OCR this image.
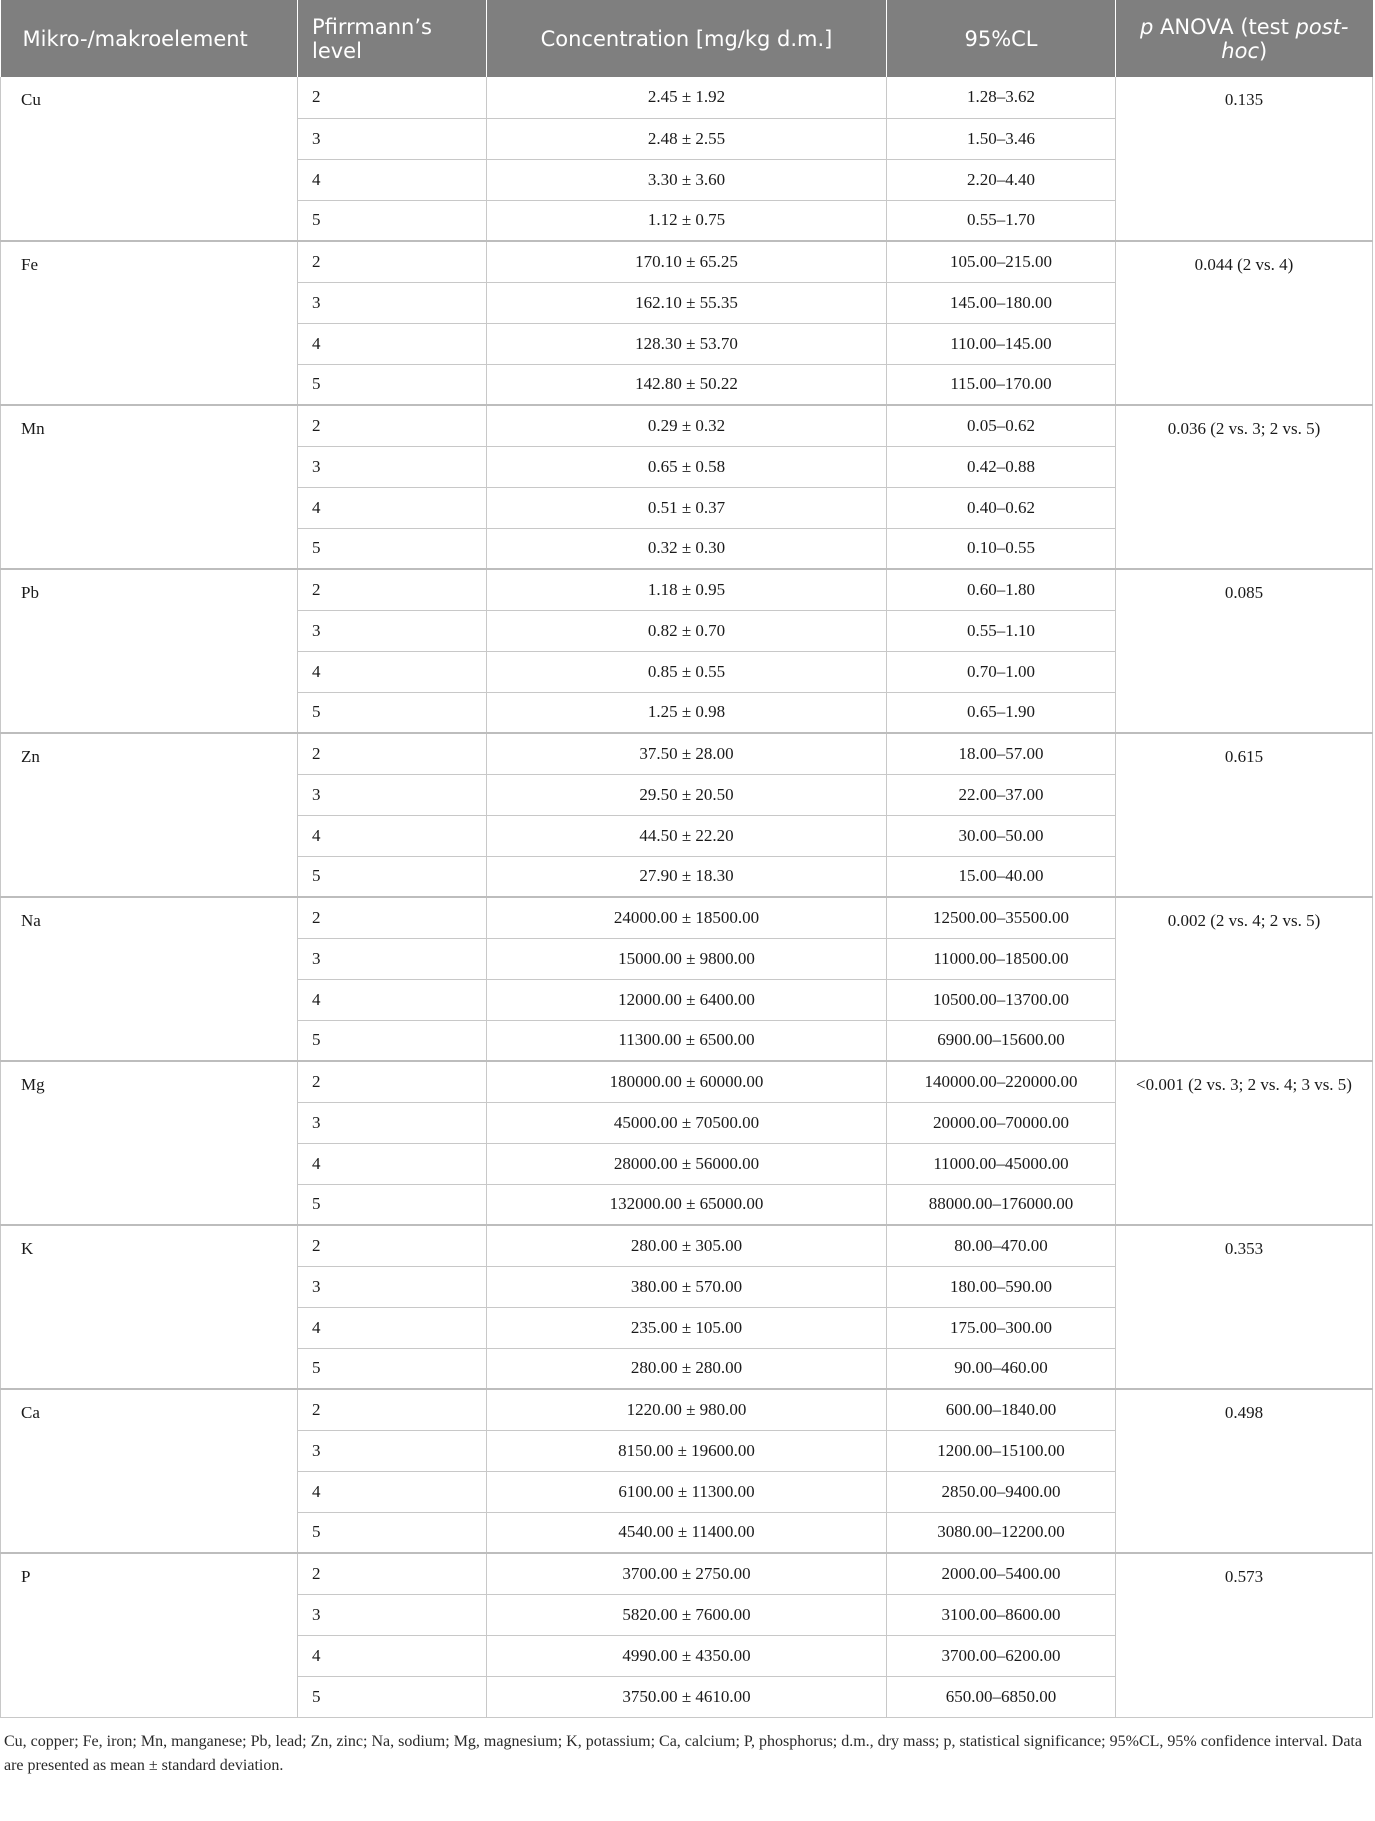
Mikro-/makroelement	Pfirrmann’s level	Concentration [mg/kg d.m.]	95%CL	p ANOVA (test post-hoc)
Cu	2	2.45 ± 1.92	1.28–3.62	0.135
	3	2.48 ± 2.55	1.50–3.46	
	4	3.30 ± 3.60	2.20–4.40	
	5	1.12 ± 0.75	0.55–1.70	
Fe	2	170.10 ± 65.25	105.00–215.00	0.044 (2 vs. 4)
	3	162.10 ± 55.35	145.00–180.00	
	4	128.30 ± 53.70	110.00–145.00	
	5	142.80 ± 50.22	115.00–170.00	
Mn	2	0.29 ± 0.32	0.05–0.62	0.036 (2 vs. 3; 2 vs. 5)
	3	0.65 ± 0.58	0.42–0.88	
	4	0.51 ± 0.37	0.40–0.62	
	5	0.32 ± 0.30	0.10–0.55	
Pb	2	1.18 ± 0.95	0.60–1.80	0.085
	3	0.82 ± 0.70	0.55–1.10	
	4	0.85 ± 0.55	0.70–1.00	
	5	1.25 ± 0.98	0.65–1.90	
Zn	2	37.50 ± 28.00	18.00–57.00	0.615
	3	29.50 ± 20.50	22.00–37.00	
	4	44.50 ± 22.20	30.00–50.00	
	5	27.90 ± 18.30	15.00–40.00	
Na	2	24000.00 ± 18500.00	12500.00–35500.00	0.002 (2 vs. 4; 2 vs. 5)
	3	15000.00 ± 9800.00	11000.00–18500.00	
	4	12000.00 ± 6400.00	10500.00–13700.00	
	5	11300.00 ± 6500.00	6900.00–15600.00	
Mg	2	180000.00 ± 60000.00	140000.00–220000.00	<0.001 (2 vs. 3; 2 vs. 4; 3 vs. 5)
	3	45000.00 ± 70500.00	20000.00–70000.00	
	4	28000.00 ± 56000.00	11000.00–45000.00	
	5	132000.00 ± 65000.00	88000.00–176000.00	
K	2	280.00 ± 305.00	80.00–470.00	0.353
	3	380.00 ± 570.00	180.00–590.00	
	4	235.00 ± 105.00	175.00–300.00	
	5	280.00 ± 280.00	90.00–460.00	
Ca	2	1220.00 ± 980.00	600.00–1840.00	0.498
	3	8150.00 ± 19600.00	1200.00–15100.00	
	4	6100.00 ± 11300.00	2850.00–9400.00	
	5	4540.00 ± 11400.00	3080.00–12200.00	
P	2	3700.00 ± 2750.00	2000.00–5400.00	0.573
	3	5820.00 ± 7600.00	3100.00–8600.00	
	4	4990.00 ± 4350.00	3700.00–6200.00	
	5	3750.00 ± 4610.00	650.00–6850.00	
Cu, copper; Fe, iron; Mn, manganese; Pb, lead; Zn, zinc; Na, sodium; Mg, magnesium; K, potassium; Ca, calcium; P, phosphorus; d.m., dry mass; p, statistical significance; 95%CL, 95% confidence interval. Data are presented as mean ± standard deviation.
